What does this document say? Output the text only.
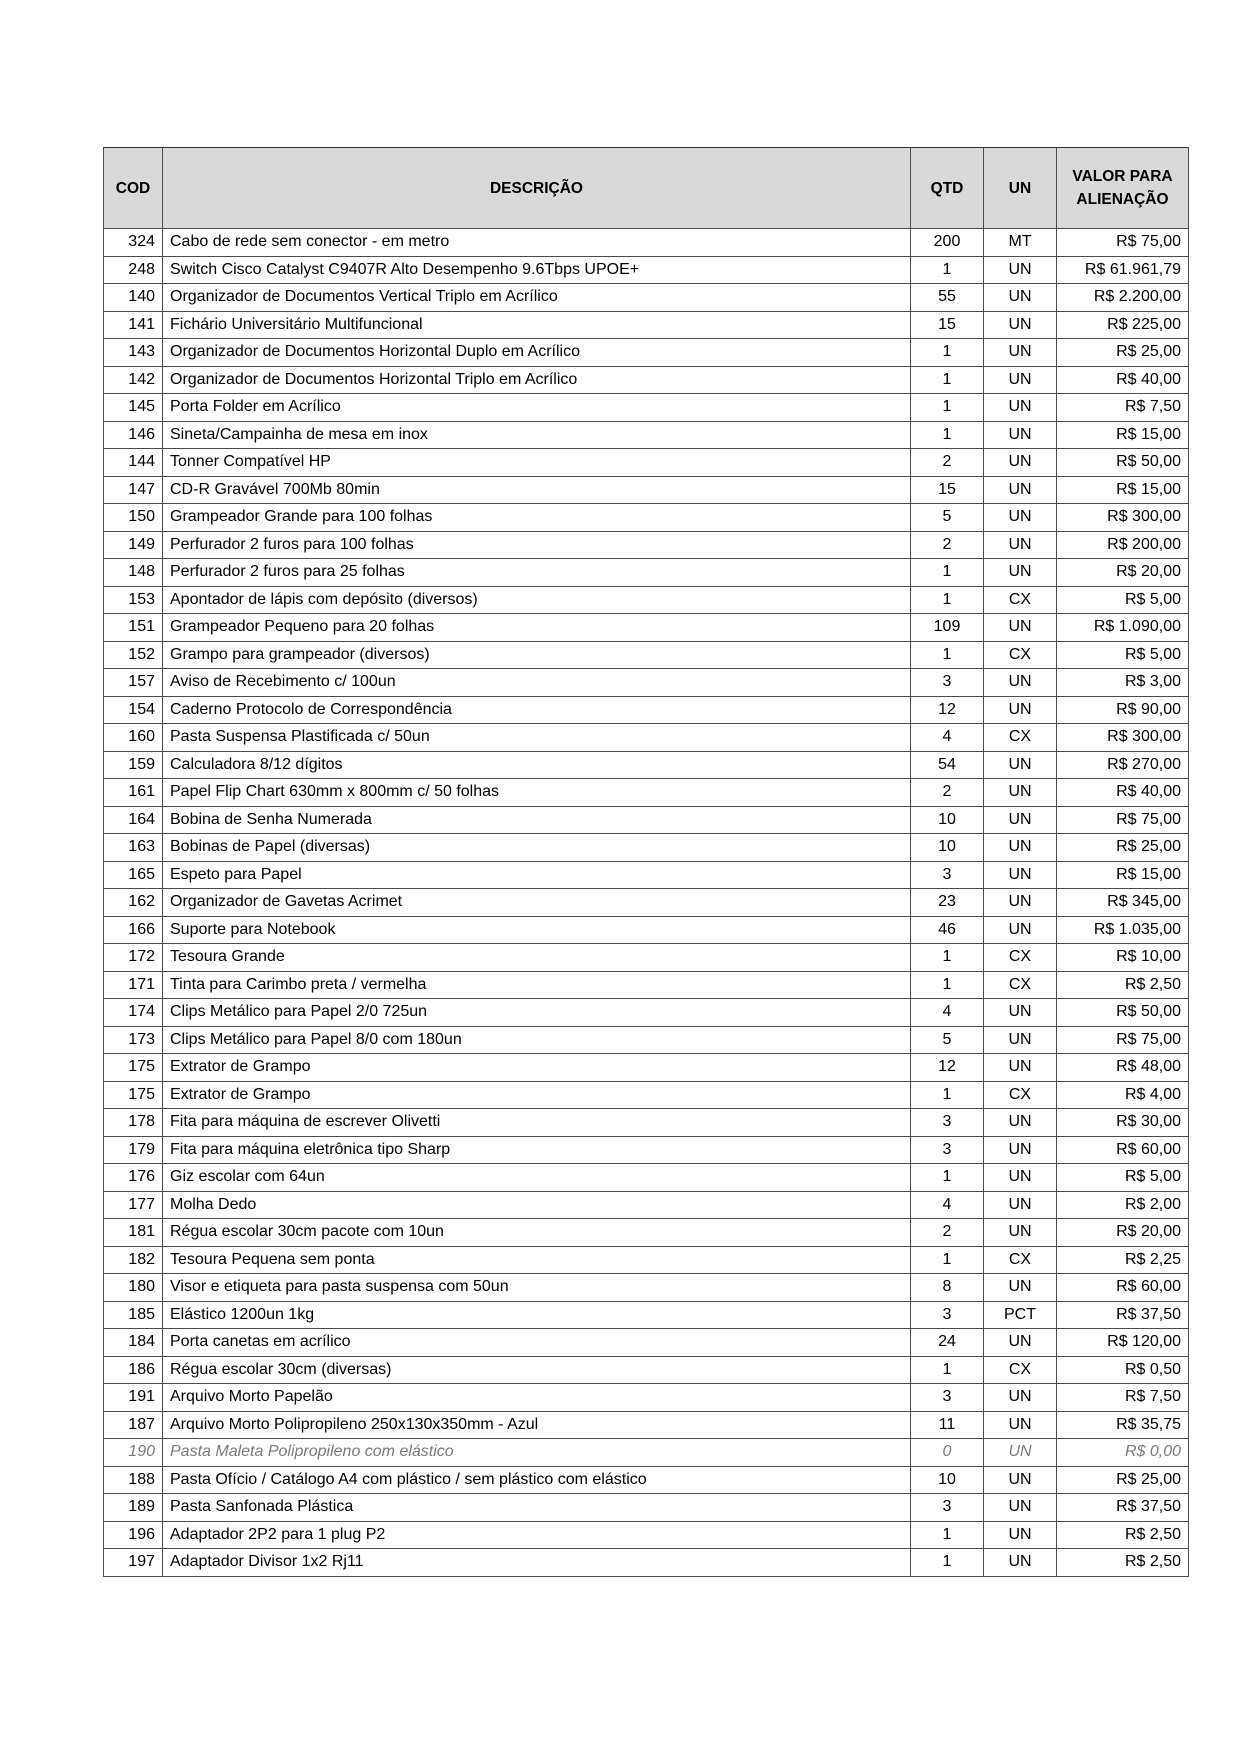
COD	DESCRIÇÃO	QTD	UN	VALOR PARA ALIENAÇÃO
324	Cabo de rede sem conector - em metro	200	MT	R$ 75,00
248	Switch Cisco Catalyst C9407R Alto Desempenho 9.6Tbps UPOE+	1	UN	R$ 61.961,79
140	Organizador de Documentos Vertical Triplo em Acrílico	55	UN	R$ 2.200,00
141	Fichário Universitário Multifuncional	15	UN	R$ 225,00
143	Organizador de Documentos Horizontal Duplo em Acrílico	1	UN	R$ 25,00
142	Organizador de Documentos Horizontal Triplo em Acrílico	1	UN	R$ 40,00
145	Porta Folder em Acrílico	1	UN	R$ 7,50
146	Sineta/Campainha de mesa em inox	1	UN	R$ 15,00
144	Tonner Compatível HP	2	UN	R$ 50,00
147	CD-R Gravável 700Mb 80min	15	UN	R$ 15,00
150	Grampeador Grande para 100 folhas	5	UN	R$ 300,00
149	Perfurador 2 furos para 100 folhas	2	UN	R$ 200,00
148	Perfurador 2 furos para 25 folhas	1	UN	R$ 20,00
153	Apontador de lápis com depósito (diversos)	1	CX	R$ 5,00
151	Grampeador Pequeno para 20 folhas	109	UN	R$ 1.090,00
152	Grampo para grampeador (diversos)	1	CX	R$ 5,00
157	Aviso de Recebimento c/ 100un	3	UN	R$ 3,00
154	Caderno Protocolo de Correspondência	12	UN	R$ 90,00
160	Pasta Suspensa Plastificada c/ 50un	4	CX	R$ 300,00
159	Calculadora 8/12 dígitos	54	UN	R$ 270,00
161	Papel Flip Chart 630mm x 800mm c/ 50 folhas	2	UN	R$ 40,00
164	Bobina de Senha Numerada	10	UN	R$ 75,00
163	Bobinas de Papel (diversas)	10	UN	R$ 25,00
165	Espeto para Papel	3	UN	R$ 15,00
162	Organizador de Gavetas Acrimet	23	UN	R$ 345,00
166	Suporte para Notebook	46	UN	R$ 1.035,00
172	Tesoura Grande	1	CX	R$ 10,00
171	Tinta para Carimbo preta / vermelha	1	CX	R$ 2,50
174	Clips Metálico para Papel 2/0 725un	4	UN	R$ 50,00
173	Clips Metálico para Papel 8/0 com 180un	5	UN	R$ 75,00
175	Extrator de Grampo	12	UN	R$ 48,00
175	Extrator de Grampo	1	CX	R$ 4,00
178	Fita para máquina de escrever Olivetti	3	UN	R$ 30,00
179	Fita para máquina eletrônica tipo Sharp	3	UN	R$ 60,00
176	Giz escolar com 64un	1	UN	R$ 5,00
177	Molha Dedo	4	UN	R$ 2,00
181	Régua escolar 30cm pacote com 10un	2	UN	R$ 20,00
182	Tesoura Pequena sem ponta	1	CX	R$ 2,25
180	Visor e etiqueta para pasta suspensa com 50un	8	UN	R$ 60,00
185	Elástico 1200un 1kg	3	PCT	R$ 37,50
184	Porta canetas em acrílico	24	UN	R$ 120,00
186	Régua escolar 30cm (diversas)	1	CX	R$ 0,50
191	Arquivo Morto Papelão	3	UN	R$ 7,50
187	Arquivo Morto Polipropileno 250x130x350mm - Azul	11	UN	R$ 35,75
190	Pasta Maleta Polipropileno com elástico	0	UN	R$ 0,00
188	Pasta Ofício / Catálogo A4 com plástico / sem plástico com elástico	10	UN	R$ 25,00
189	Pasta Sanfonada Plástica	3	UN	R$ 37,50
196	Adaptador 2P2 para 1 plug P2	1	UN	R$ 2,50
197	Adaptador Divisor 1x2 Rj11	1	UN	R$ 2,50
